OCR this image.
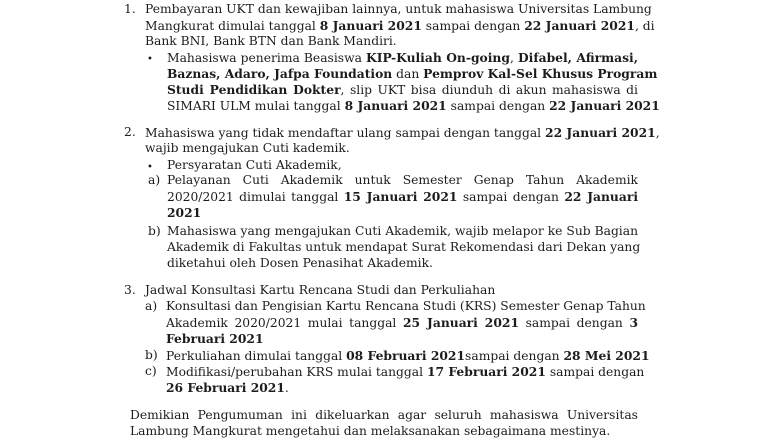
1. Pembayaran UKT dan kewajiban lainnya, untuk mahasiswa Universitas Lambung
Mangkurat dimulai tanggal 8 Januari 2021 sampai dengan 22 Januari 2021, di
Bank BNI, Bank BTN dan Bank Mandiri.
• Mahasiswa penerima Beasiswa KIP-Kuliah On-going, Difabel, Afirmasi,
Baznas, Adaro, Jafpa Foundation dan Pemprov Kal-Sel Khusus Program
Studi Pendidikan Dokter, slip UKT bisa diunduh di akun mahasiswa di
SIMARI ULM mulai tanggal 8 Januari 2021 sampai dengan 22 Januari 2021
2. Mahasiswa yang tidak mendaftar ulang sampai dengan tanggal 22 Januari 2021,
wajib mengajukan Cuti kademik.
• Persyaratan Cuti Akademik,
a) Pelayanan Cuti Akademik untuk Semester Genap Tahun Akademik
2020/2021 dimulai tanggal 15 Januari 2021 sampai dengan 22 Januari
2021
b) Mahasiswa yang mengajukan Cuti Akademik, wajib melapor ke Sub Bagian
Akademik di Fakultas untuk mendapat Surat Rekomendasi dari Dekan yang
diketahui oleh Dosen Penasihat Akademik.
3. Jadwal Konsultasi Kartu Rencana Studi dan Perkuliahan
a) Konsultasi dan Pengisian Kartu Rencana Studi (KRS) Semester Genap Tahun
Akademik 2020/2021 mulai tanggal 25 Januari 2021 sampai dengan 3
Februari 2021
b) Perkuliahan dimulai tanggal 08 Februari 2021sampai dengan 28 Mei 2021
c) Modifikasi/perubahan KRS mulai tanggal 17 Februari 2021 sampai dengan
26 Februari 2021.
Demikian Pengumuman ini dikeluarkan agar seluruh mahasiswa Universitas
Lambung Mangkurat mengetahui dan melaksanakan sebagaimana mestinya.
